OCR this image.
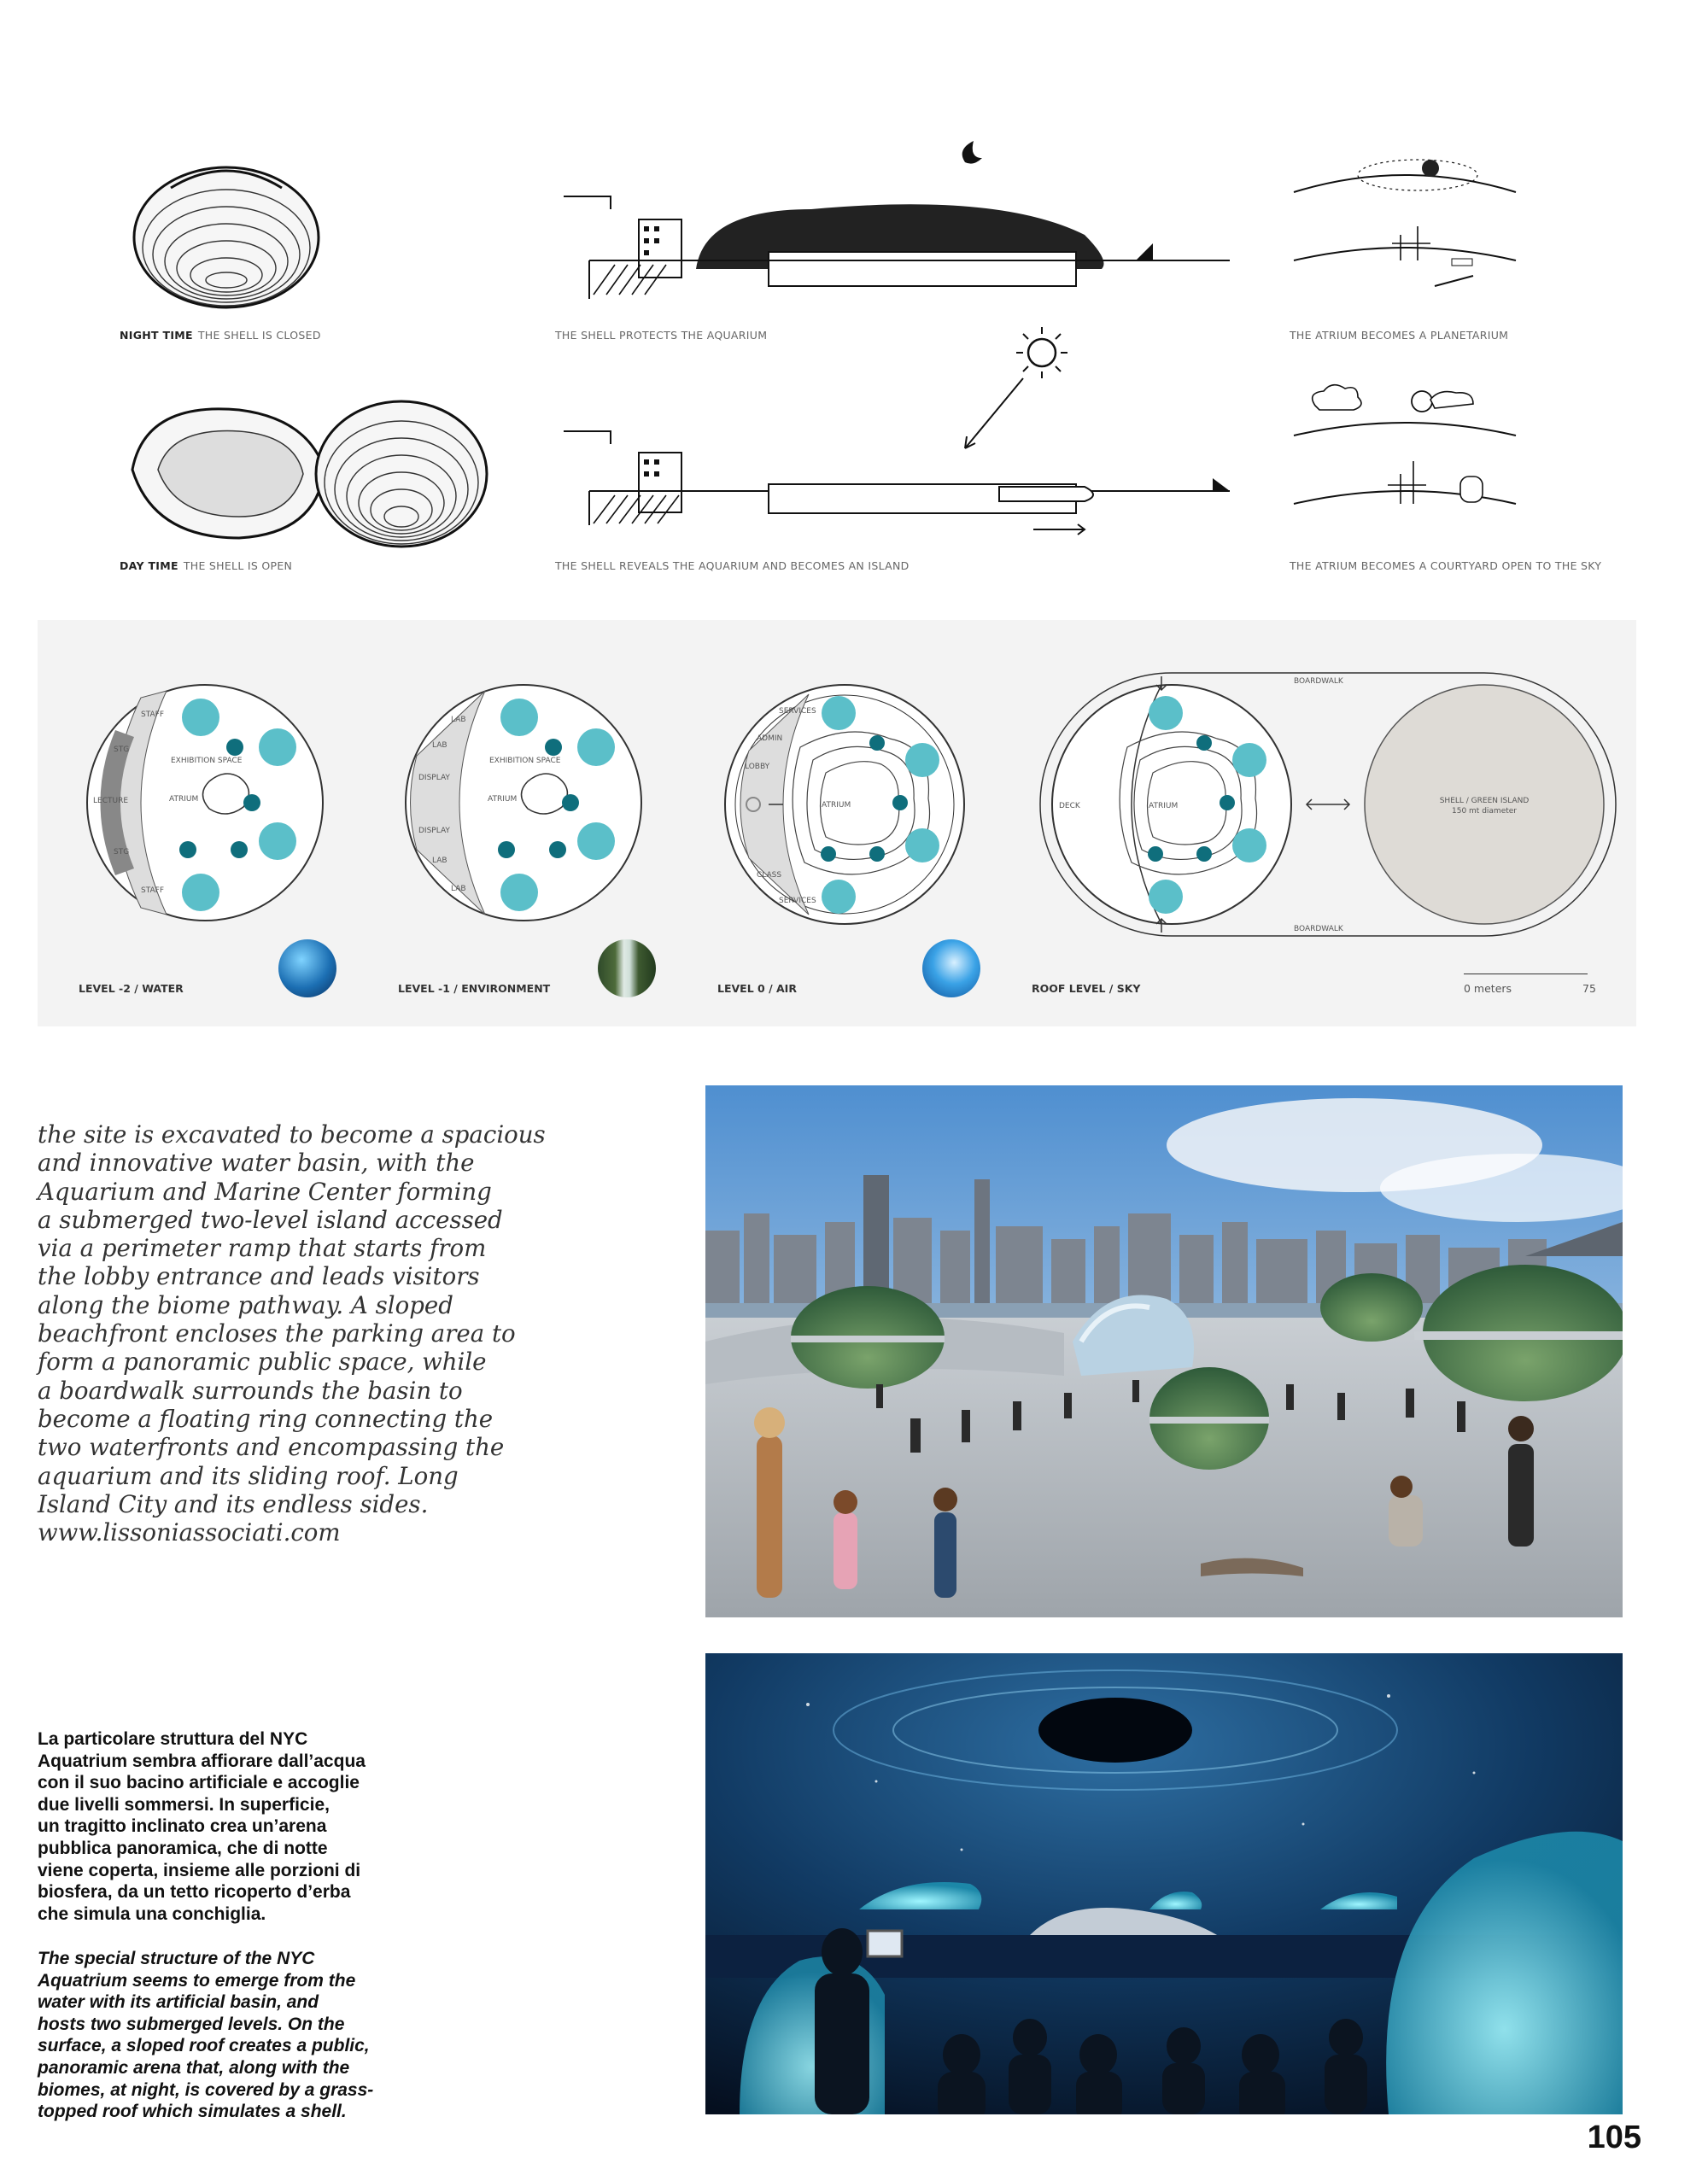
NIGHT TIME THE SHELL IS CLOSED	THE SHELL PROTECTS THE AQUARIUM	THE ATRIUM BECOMES A PLANETARIUM
DAY TIME THE SHELL IS OPEN	THE SHELL REVEALS THE AQUARIUM AND BECOMES AN ISLAND	THE ATRIUM BECOMES A COURTYARD OPEN TO THE SKY
EXHIBITION SPACE
ATRIUM
STAFF
STG
LECTURE
STG
STAFF
LEVEL -2 / WATER
EXHIBITION SPACE
ATRIUM
LAB
LAB
DISPLAY
DISPLAY
LAB
LAB
LEVEL -1 / ENVIRONMENT
ATRIUM
SERVICES
ADMIN
LOBBY
CLASS
SERVICES
LEVEL 0 / AIR
DECK	ATRIUM
BOARDWALK
BOARDWALK
SHELL / GREEN ISLAND
150 mt diameter
ROOF LEVEL / SKY	0 meters	75
the site is excavated to become a spacious
and innovative water basin, with the
Aquarium and Marine Center forming
a submerged two-level island accessed
via a perimeter ramp that starts from
the lobby entrance and leads visitors
along the biome pathway. A sloped
beachfront encloses the parking area to
form a panoramic public space, while
a boardwalk surrounds the basin to
become a floating ring connecting the
two waterfronts and encompassing the
aquarium and its sliding roof. Long
Island City and its endless sides.
www.lissoniassociati.com
La particolare struttura del NYC
Aquatrium sembra affiorare dall’acqua
con il suo bacino artificiale e accoglie
due livelli sommersi. In superficie,
un tragitto inclinato crea un’arena
pubblica panoramica, che di notte
viene coperta, insieme alle porzioni di
biosfera, da un tetto ricoperto d’erba
che simula una conchiglia.
The special structure of the NYC
Aquatrium seems to emerge from the
water with its artificial basin, and
hosts two submerged levels. On the
surface, a sloped roof creates a public,
panoramic arena that, along with the
biomes, at night, is covered by a grass-
topped roof which simulates a shell.
105
